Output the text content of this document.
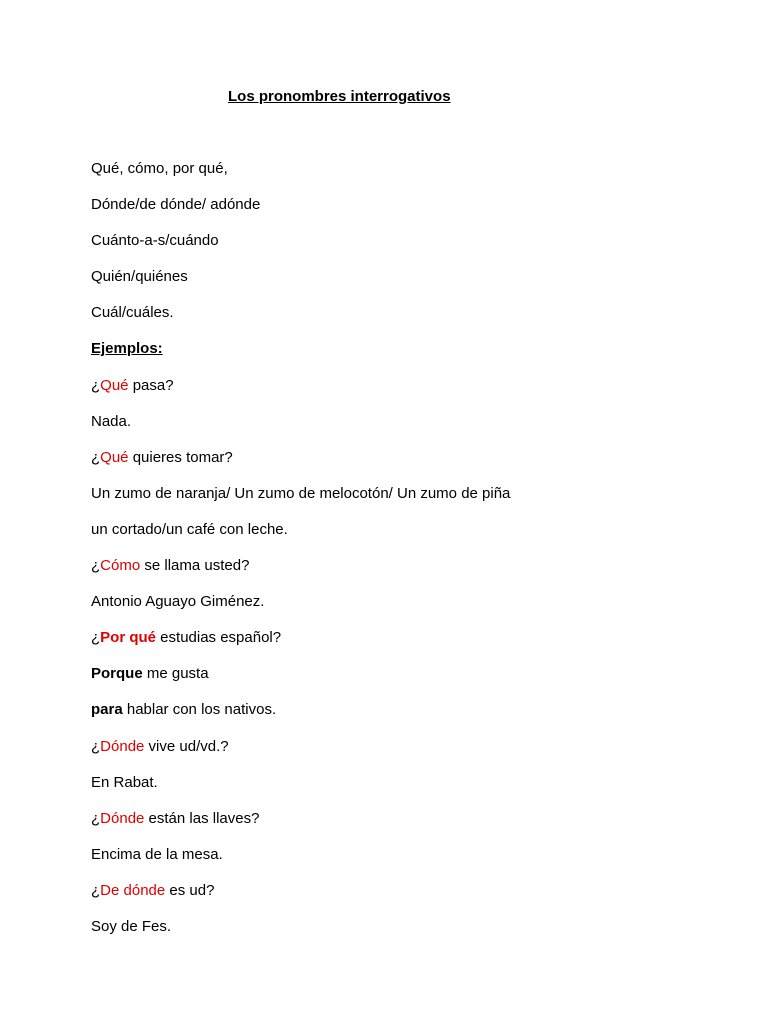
Los pronombres interrogativos
Qué, cómo, por qué,
Dónde/de dónde/ adónde
Cuánto-a-s/cuándo
Quién/quiénes
Cuál/cuáles.
Ejemplos:
¿Qué pasa?
Nada.
¿Qué quieres tomar?
Un zumo de naranja/ Un zumo de melocotón/ Un zumo de piña
un cortado/un café con leche.
¿Cómo se llama usted?
Antonio Aguayo Giménez.
¿Por qué estudias español?
Porque me gusta
para hablar con los nativos.
¿Dónde vive ud/vd.?
En Rabat.
¿Dónde están las llaves?
Encima de la mesa.
¿De dónde es ud?
Soy de Fes.
